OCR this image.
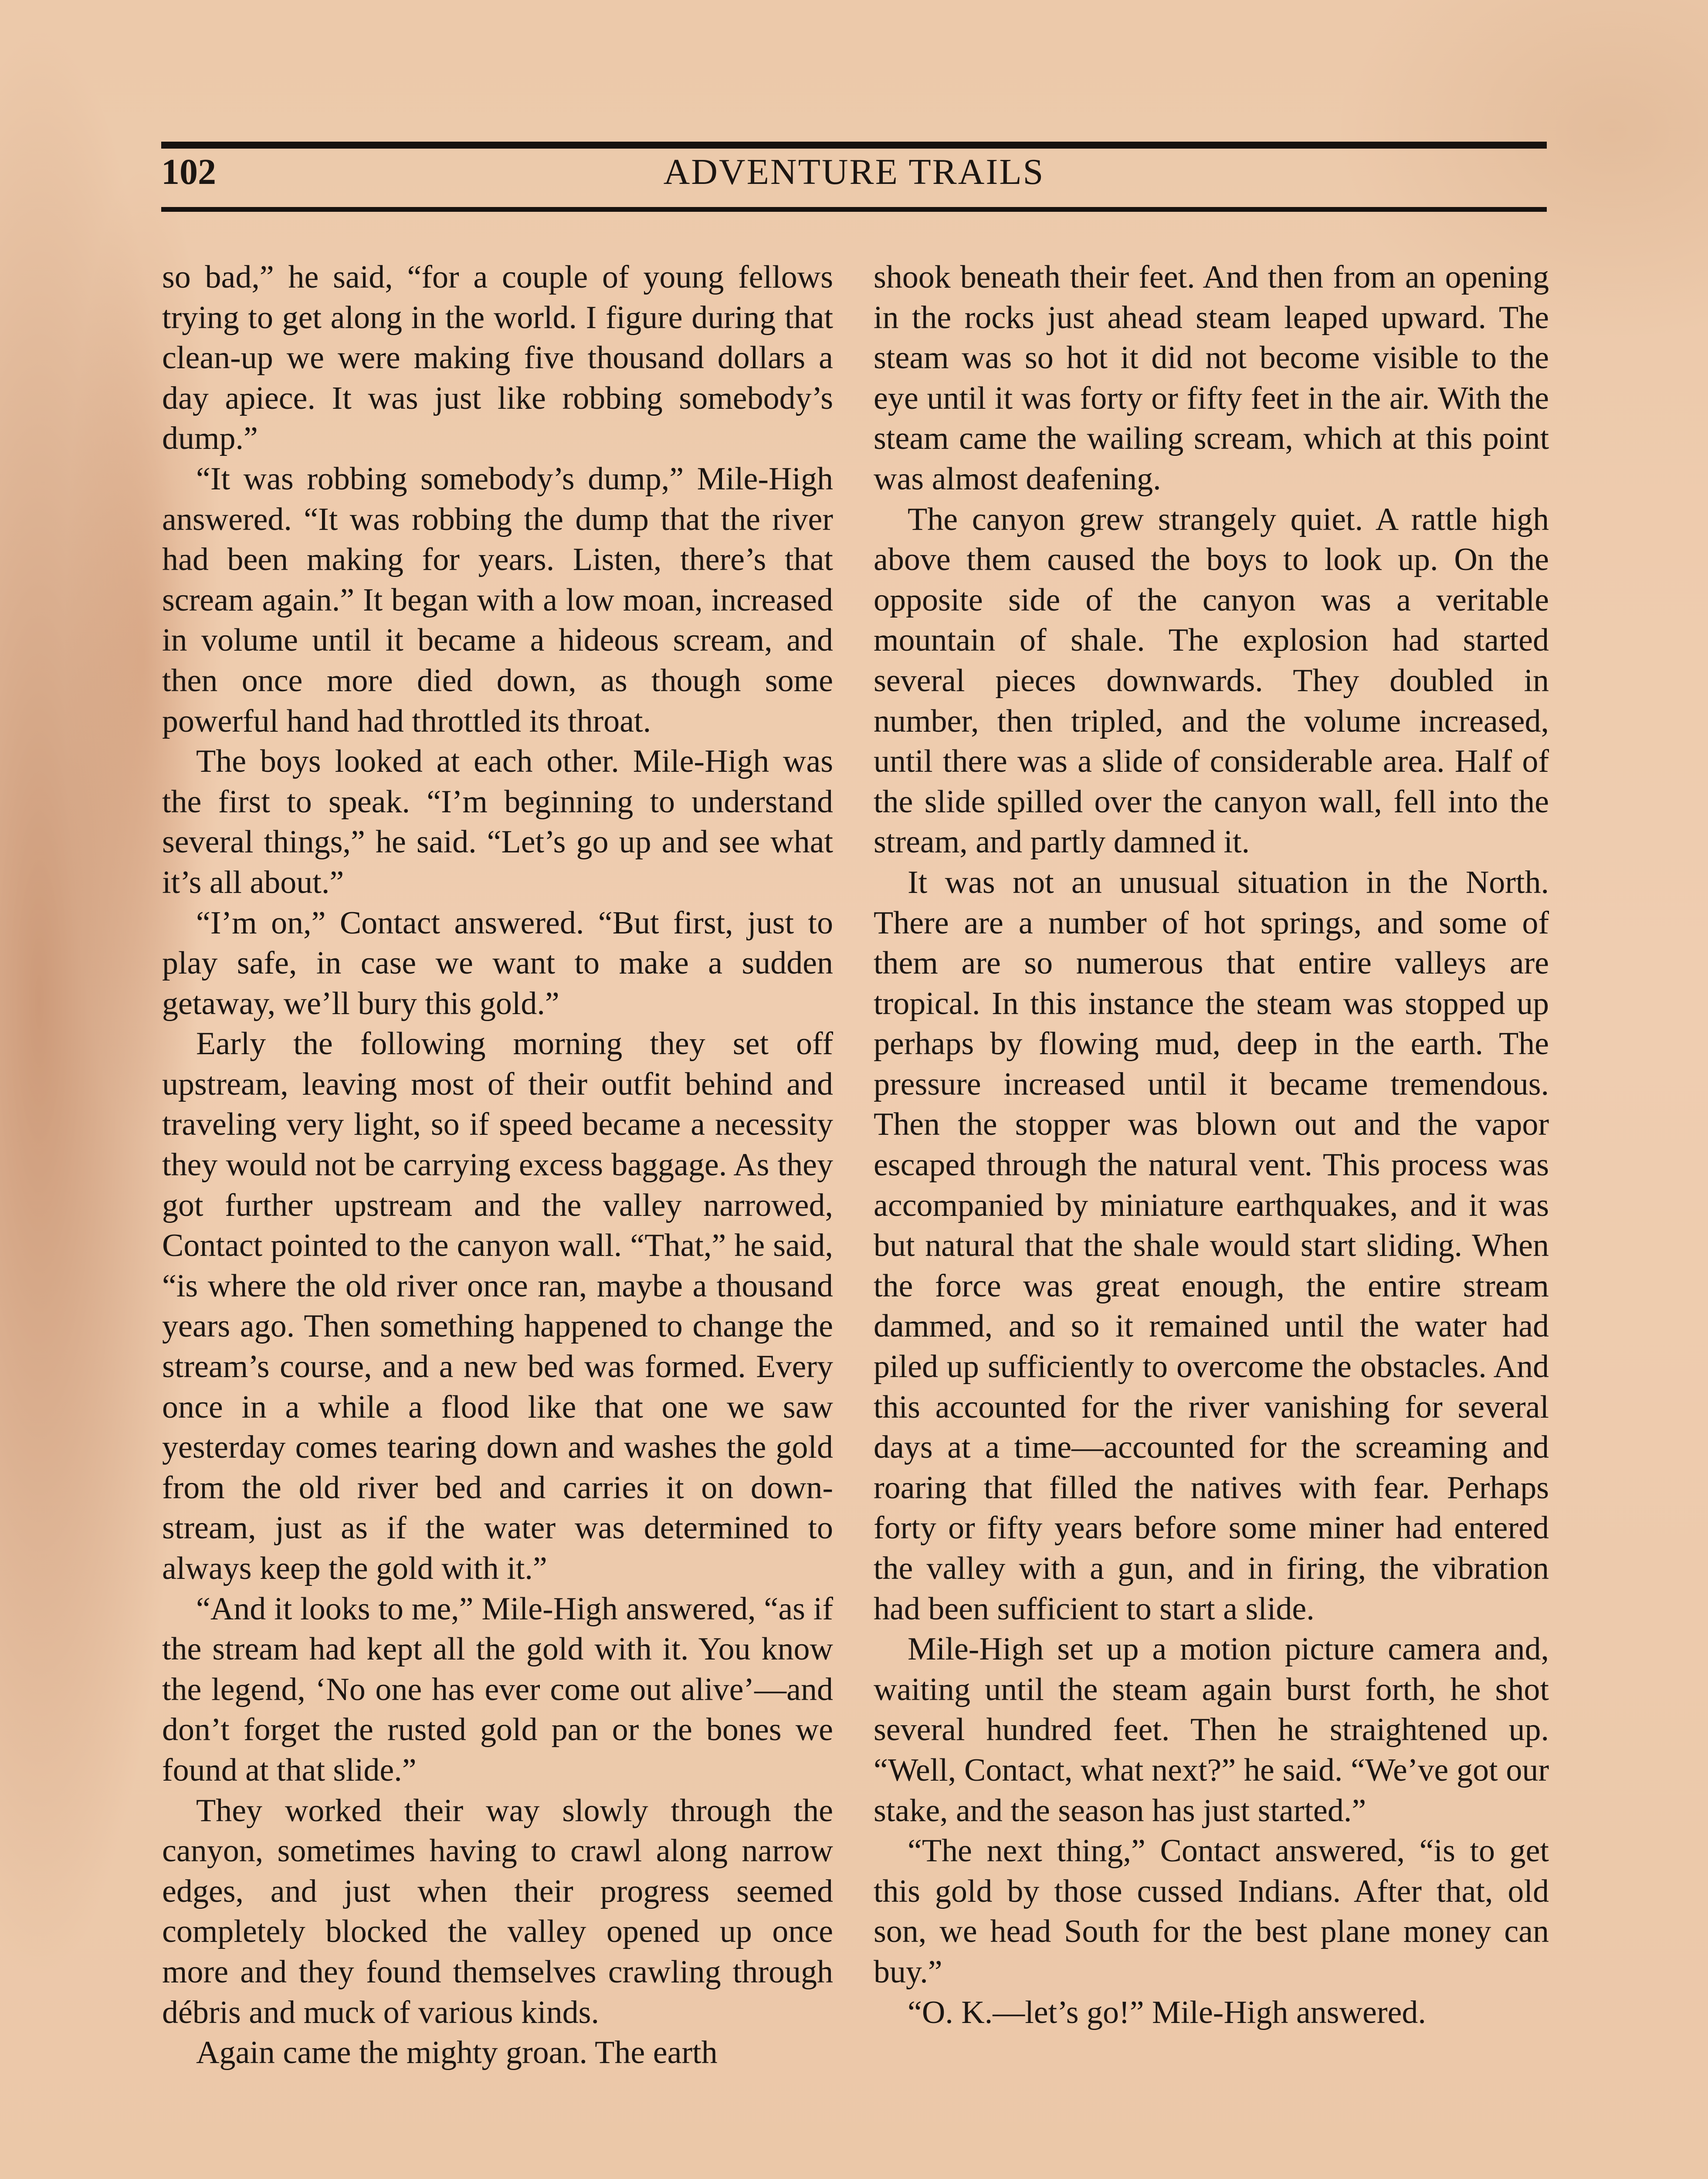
102	ADVENTURE TRAILS

so bad,” he said, “for a couple of young fellows trying to get along in the world. I figure during that clean-up we were making five thousand dollars a day apiece. It was just like robbing somebody’s dump.”

“It was robbing somebody’s dump,” Mile-High answered. “It was robbing the dump that the river had been making for years. Listen, there’s that scream again.” It began with a low moan, increased in volume until it became a hideous scream, and then once more died down, as though some powerful hand had throttled its throat.

The boys looked at each other. Mile-High was the first to speak. “I’m beginning to understand several things,” he said. “Let’s go up and see what it’s all about.”

“I’m on,” Contact answered. “But first, just to play safe, in case we want to make a sudden getaway, we’ll bury this gold.”

Early the following morning they set off upstream, leaving most of their outfit behind and traveling very light, so if speed became a necessity they would not be carrying excess baggage. As they got further upstream and the valley narrowed, Contact pointed to the canyon wall. “That,” he said, “is where the old river once ran, maybe a thousand years ago. Then something happened to change the stream’s course, and a new bed was formed. Every once in a while a flood like that one we saw yesterday comes tearing down and washes the gold from the old river bed and carries it on downstream, just as if the water was determined to always keep the gold with it.”

“And it looks to me,” Mile-High answered, “as if the stream had kept all the gold with it. You know the legend, ‘No one has ever come out alive’—and don’t forget the rusted gold pan or the bones we found at that slide.”

They worked their way slowly through the canyon, sometimes having to crawl along narrow edges, and just when their progress seemed completely blocked the valley opened up once more and they found themselves crawling through débris and muck of various kinds.

Again came the mighty groan. The earth

shook beneath their feet. And then from an opening in the rocks just ahead steam leaped upward. The steam was so hot it did not become visible to the eye until it was forty or fifty feet in the air. With the steam came the wailing scream, which at this point was almost deafening.

The canyon grew strangely quiet. A rattle high above them caused the boys to look up. On the opposite side of the canyon was a veritable mountain of shale. The explosion had started several pieces downwards. They doubled in number, then tripled, and the volume increased, until there was a slide of considerable area. Half of the slide spilled over the canyon wall, fell into the stream, and partly damned it.

It was not an unusual situation in the North. There are a number of hot springs, and some of them are so numerous that entire valleys are tropical. In this instance the steam was stopped up perhaps by flowing mud, deep in the earth. The pressure increased until it became tremendous. Then the stopper was blown out and the vapor escaped through the natural vent. This process was accompanied by miniature earthquakes, and it was but natural that the shale would start sliding. When the force was great enough, the entire stream dammed, and so it remained until the water had piled up sufficiently to overcome the obstacles. And this accounted for the river vanishing for several days at a time—accounted for the screaming and roaring that filled the natives with fear. Perhaps forty or fifty years before some miner had entered the valley with a gun, and in firing, the vibration had been sufficient to start a slide.

Mile-High set up a motion picture camera and, waiting until the steam again burst forth, he shot several hundred feet. Then he straightened up. “Well, Contact, what next?” he said. “We’ve got our stake, and the season has just started.”

“The next thing,” Contact answered, “is to get this gold by those cussed Indians. After that, old son, we head South for the best plane money can buy.”

“O. K.—let’s go!” Mile-High answered.
